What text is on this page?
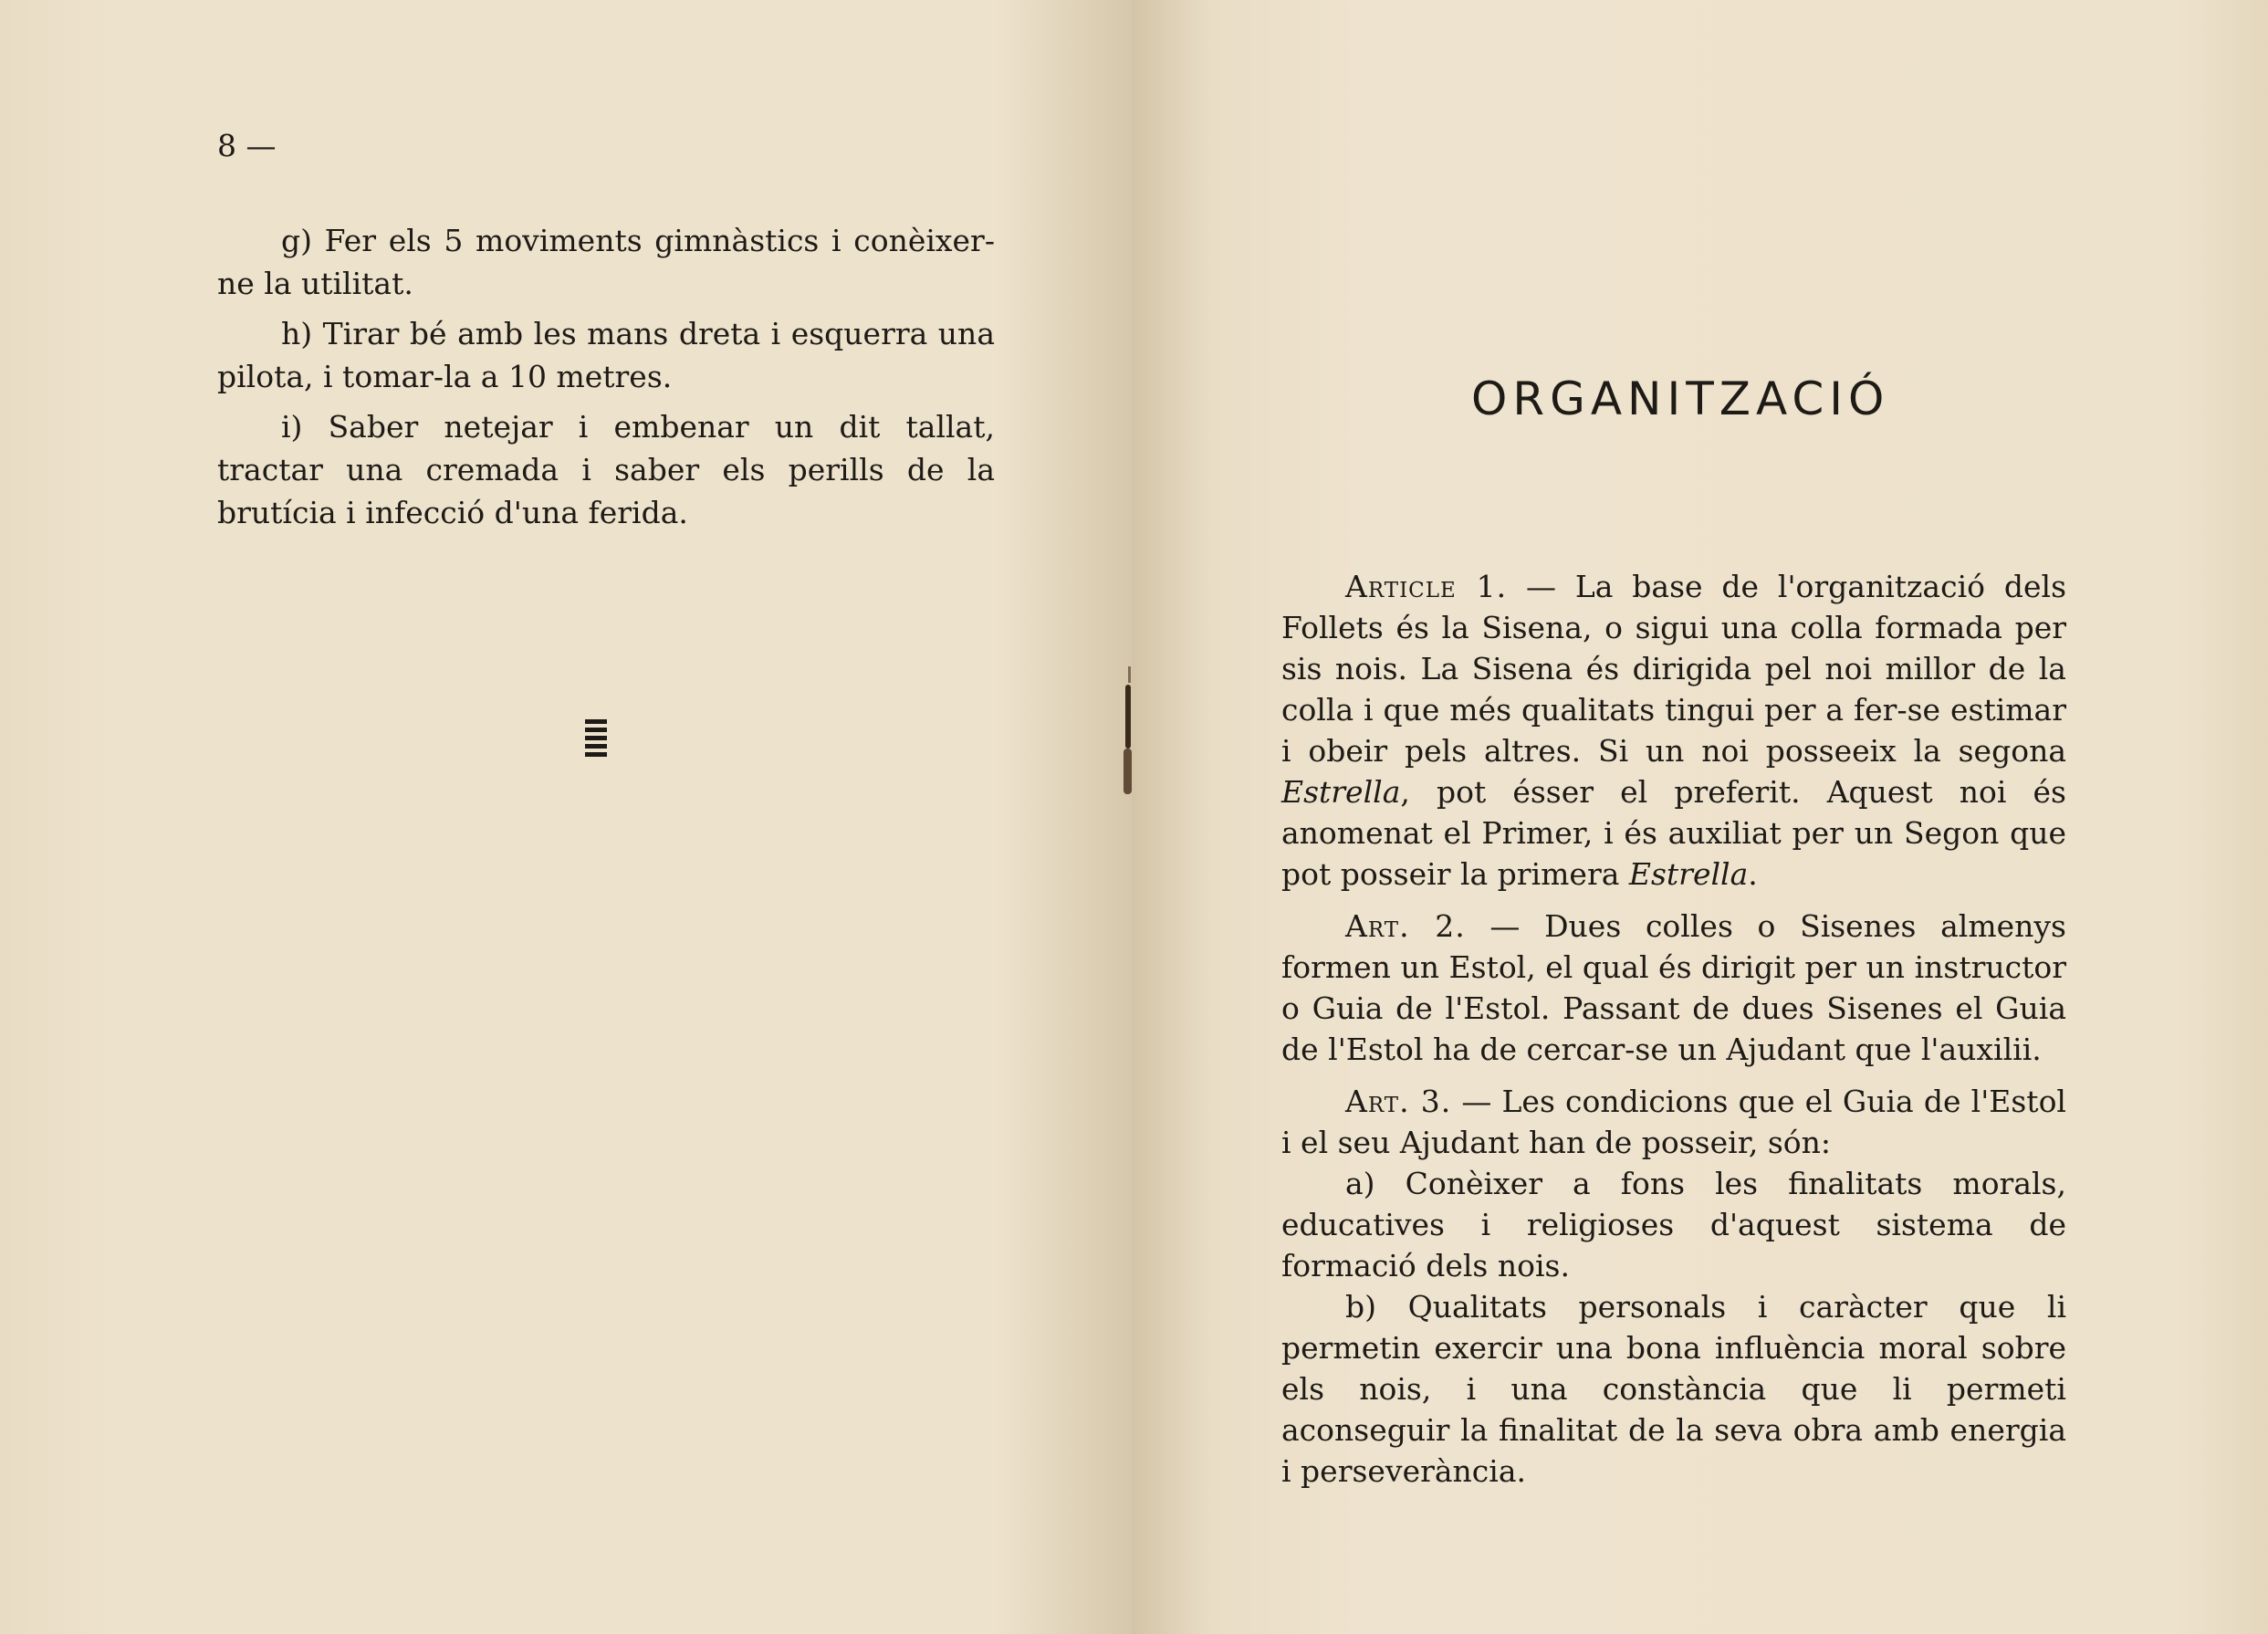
8 —

g) Fer els 5 moviments gimnàstics i conèixer-ne la utilitat.

h) Tirar bé amb les mans dreta i esquerra una pilota, i tomar-la a 10 metres.

i) Saber netejar i embenar un dit tallat, tractar una cremada i saber els perills de la brutícia i infecció d'una ferida.

ORGANITZACIÓ

Article 1. — La base de l'organització dels Follets és la Sisena, o sigui una colla formada per sis nois. La Sisena és dirigida pel noi millor de la colla i que més qualitats tingui per a fer-se estimar i obeir pels altres. Si un noi posseeix la segona Estrella, pot ésser el preferit. Aquest noi és anomenat el Primer, i és auxiliat per un Segon que pot posseir la primera Estrella.

Art. 2. — Dues colles o Sisenes almenys formen un Estol, el qual és dirigit per un instructor o Guia de l'Estol. Passant de dues Sisenes el Guia de l'Estol ha de cercar-se un Ajudant que l'auxilii.

Art. 3. — Les condicions que el Guia de l'Estol i el seu Ajudant han de posseir, són:

a) Conèixer a fons les finalitats morals, educatives i religioses d'aquest sistema de formació dels nois.

b) Qualitats personals i caràcter que li permetin exercir una bona influència moral sobre els nois, i una constància que li permeti aconseguir la finalitat de la seva obra amb energia i perseverància.
